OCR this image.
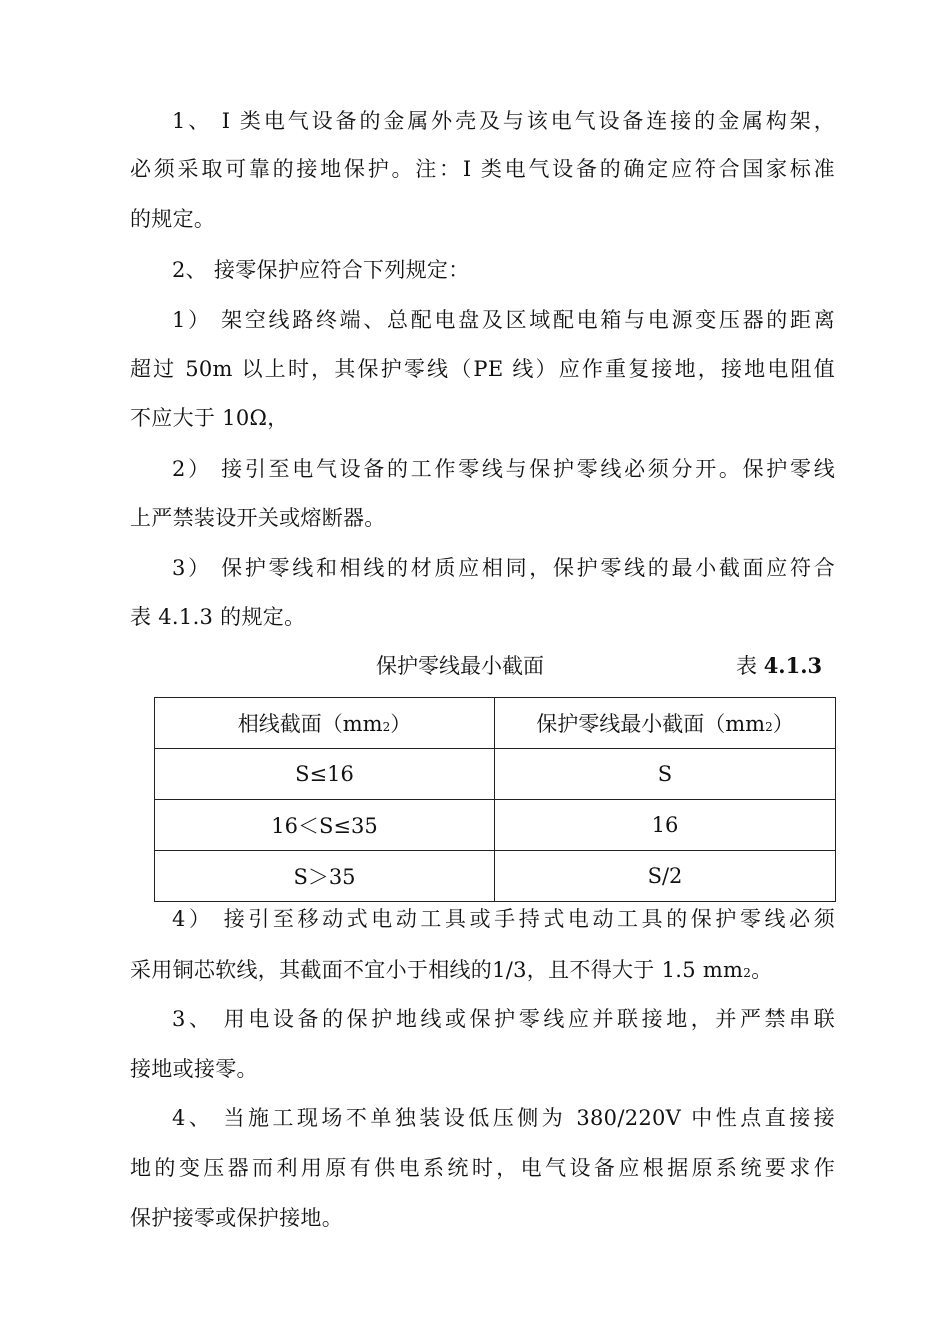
1、 I 类电气设备的金属外壳及与该电气设备连接的金属构架，
必须采取可靠的接地保护。注：I 类电气设备的确定应符合国家标准
的规定。
2、 接零保护应符合下列规定：
1） 架空线路终端、总配电盘及区域配电箱与电源变压器的距离
超过 50m 以上时，其保护零线（PE 线）应作重复接地，接地电阻值
不应大于 10Ω，
2） 接引至电气设备的工作零线与保护零线必须分开。保护零线
上严禁装设开关或熔断器。
3） 保护零线和相线的材质应相同，保护零线的最小截面应符合
表 4.1.3 的规定。
保护零线最小截面	表 4.1.3
相线截面（mm2）	保护零线最小截面（mm2）
S≤16	S
16＜S≤35	16
S＞35	S/2
4） 接引至移动式电动工具或手持式电动工具的保护零线必须
采用铜芯软线，其截面不宜小于相线的1/3，且不得大于 1.5 mm2。
3、 用电设备的保护地线或保护零线应并联接地，并严禁串联
接地或接零。
4、 当施工现场不单独装设低压侧为 380/220V 中性点直接接
地的变压器而利用原有供电系统时，电气设备应根据原系统要求作
保护接零或保护接地。
